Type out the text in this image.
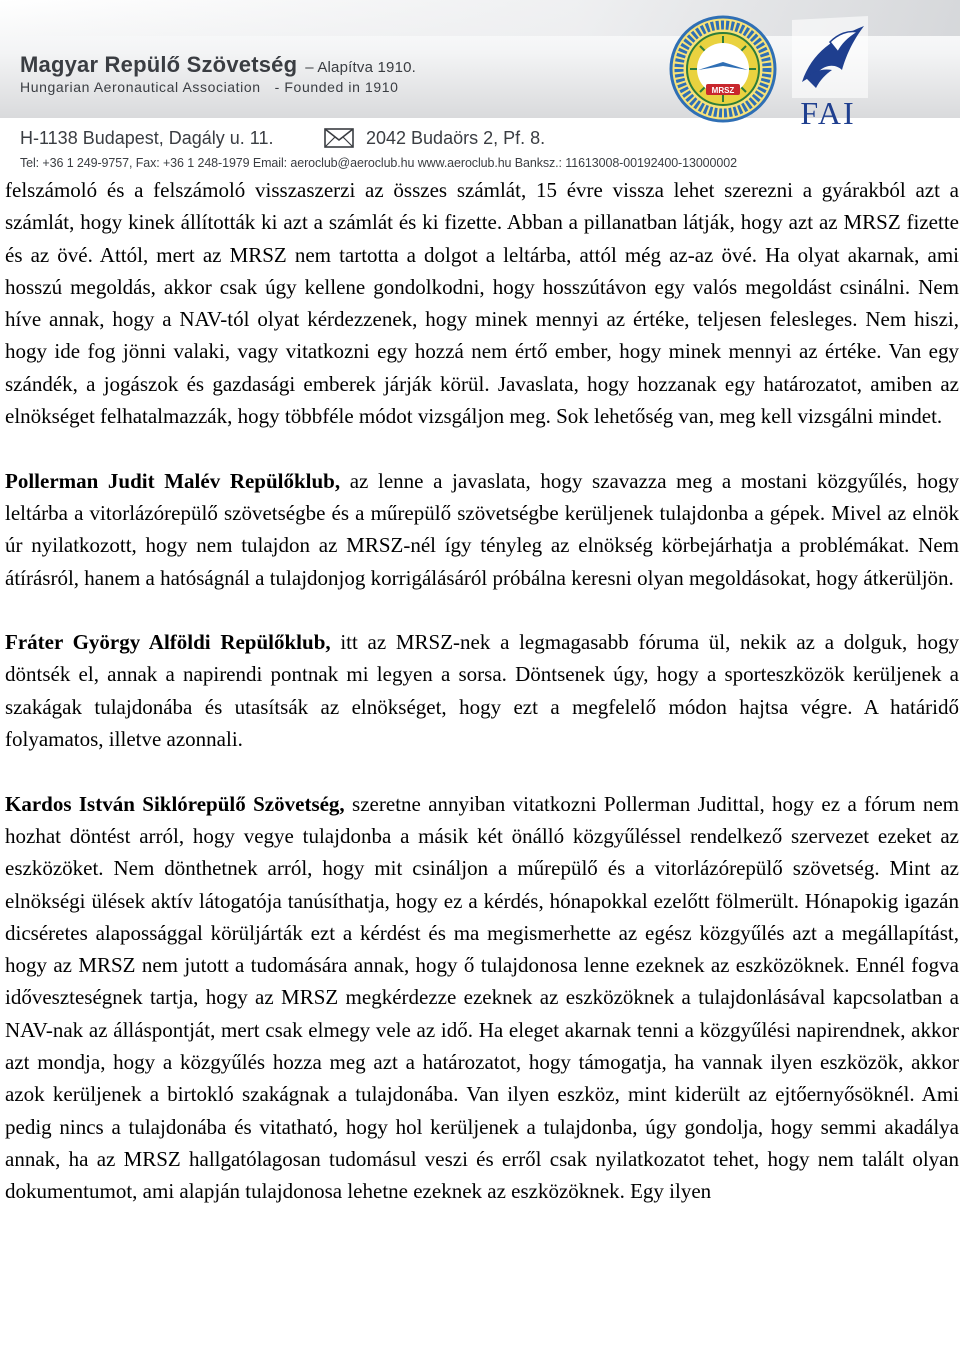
Magyar Repülő Szövetség – Alapítva 1910.
Hungarian Aeronautical Association - Founded in 1910	MRSZ
FAI
H-1138 Budapest, Dagály u. 11.	2042 Budaörs 2, Pf. 8.
Tel: +36 1 249-9757, Fax: +36 1 248-1979 Email: aeroclub@aeroclub.hu www.aeroclub.hu Banksz.: 11613008-00192400-13000002

felszámoló és a felszámoló visszaszerzi az összes számlát, 15 évre vissza lehet szerezni a gyárakból azt a számlát, hogy kinek állították ki azt a számlát és ki fizette. Abban a pillanatban látják, hogy azt az MRSZ fizette és az övé. Attól, mert az MRSZ nem tartotta a dolgot a leltárba, attól még az-az övé. Ha olyat akarnak, ami hosszú megoldás, akkor csak úgy kellene gondolkodni, hogy hosszútávon egy valós megoldást csinálni. Nem híve annak, hogy a NAV-tól olyat kérdezzenek, hogy minek mennyi az értéke, teljesen felesleges. Nem hiszi, hogy ide fog jönni valaki, vagy vitatkozni egy hozzá nem értő ember, hogy minek mennyi az értéke. Van egy szándék, a jogászok és gazdasági emberek járják körül. Javaslata, hogy hozzanak egy határozatot, amiben az elnökséget felhatalmazzák, hogy többféle módot vizsgáljon meg. Sok lehetőség van, meg kell vizsgálni mindet.

Pollerman Judit Malév Repülőklub, az lenne a javaslata, hogy szavazza meg a mostani közgyűlés, hogy leltárba a vitorlázórepülő szövetségbe és a műrepülő szövetségbe kerüljenek tulajdonba a gépek. Mivel az elnök úr nyilatkozott, hogy nem tulajdon az MRSZ-nél így tényleg az elnökség körbejárhatja a problémákat. Nem átírásról, hanem a hatóságnál a tulajdonjog korrigálásáról próbálna keresni olyan megoldásokat, hogy átkerüljön.

Fráter György Alföldi Repülőklub, itt az MRSZ-nek a legmagasabb fóruma ül, nekik az a dolguk, hogy döntsék el, annak a napirendi pontnak mi legyen a sorsa. Döntsenek úgy, hogy a sporteszközök kerüljenek a szakágak tulajdonába és utasítsák az elnökséget, hogy ezt a megfelelő módon hajtsa végre. A határidő folyamatos, illetve azonnali.

Kardos István Siklórepülő Szövetség, szeretne annyiban vitatkozni Pollerman Judittal, hogy ez a fórum nem hozhat döntést arról, hogy vegye tulajdonba a másik két önálló közgyűléssel rendelkező szervezet ezeket az eszközöket. Nem dönthetnek arról, hogy mit csináljon a műrepülő és a vitorlázórepülő szövetség. Mint az elnökségi ülések aktív látogatója tanúsíthatja, hogy ez a kérdés, hónapokkal ezelőtt fölmerült. Hónapokig igazán dicséretes alapossággal körüljárták ezt a kérdést és ma megismerhette az egész közgyűlés azt a megállapítást, hogy az MRSZ nem jutott a tudomására annak, hogy ő tulajdonosa lenne ezeknek az eszközöknek. Ennél fogva időveszteségnek tartja, hogy az MRSZ megkérdezze ezeknek az eszközöknek a tulajdonlásával kapcsolatban a NAV-nak az álláspontját, mert csak elmegy vele az idő. Ha eleget akarnak tenni a közgyűlési napirendnek, akkor azt mondja, hogy a közgyűlés hozza meg azt a határozatot, hogy támogatja, ha vannak ilyen eszközök, akkor azok kerüljenek a birtokló szakágnak a tulajdonába. Van ilyen eszköz, mint kiderült az ejtőernyősöknél. Ami pedig nincs a tulajdonába és vitatható, hogy hol kerüljenek a tulajdonba, úgy gondolja, hogy semmi akadálya annak, ha az MRSZ hallgatólagosan tudomásul veszi és erről csak nyilatkozatot tehet, hogy nem talált olyan dokumentumot, ami alapján tulajdonosa lehetne ezeknek az eszközöknek. Egy ilyen
